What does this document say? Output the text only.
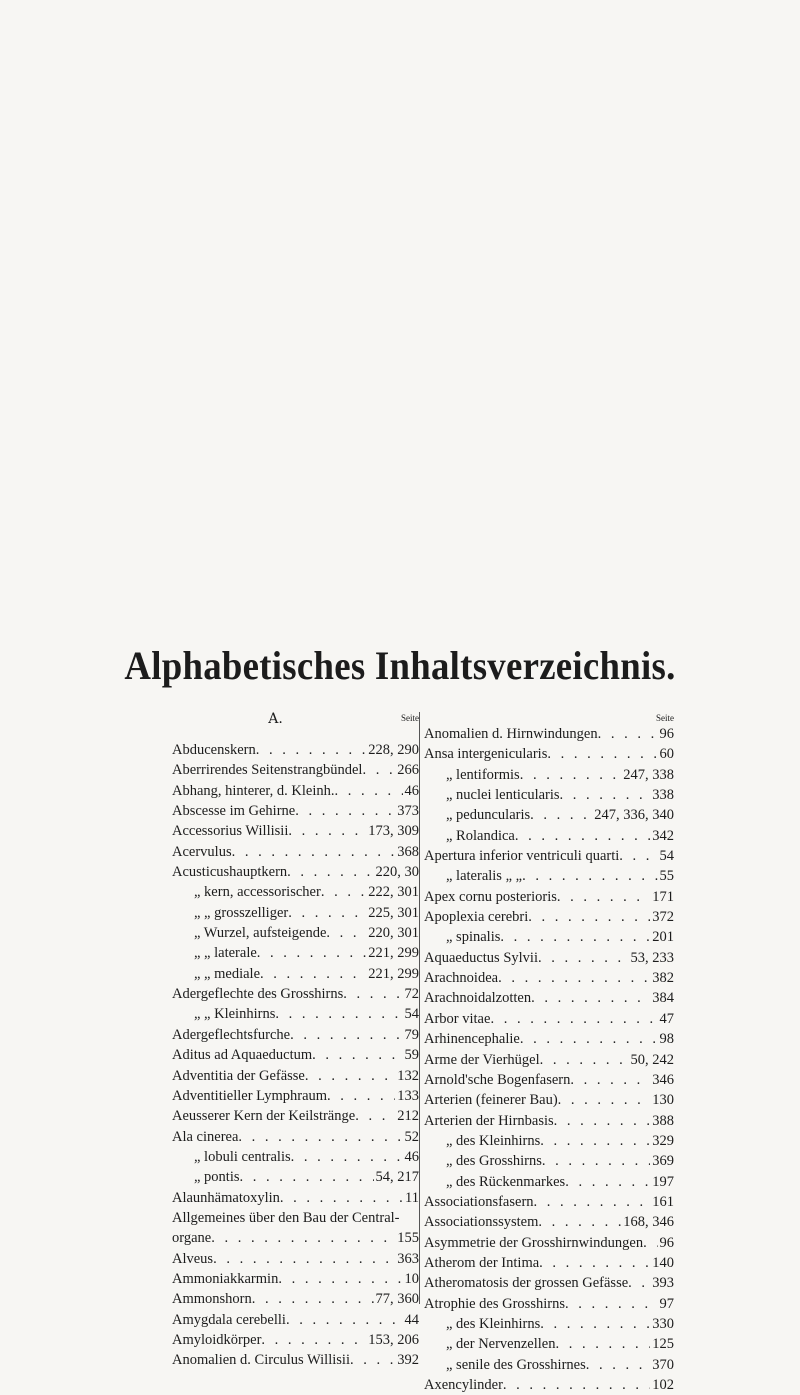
Alphabetisches Inhaltsverzeichnis.
Seite
A.
Abducenskern . . .	228, 290
Aberrirendes Seitenstrangbündel . . . 266
Abhang, hinterer, d. Kleinh. . . .	46
Abscesse im Gehirne . . .	373
Accessorius Willisii . . .	173, 309
Acervulus . . .	368
Acusticushauptkern . . .	220, 30
„ kern, accessorischer . . .	222, 301
„ „ grosszelliger . . .	225, 301
„ Wurzel, aufsteigende . . .	220, 301
„ „ laterale . . .	221, 299
„ „ mediale . . .	221, 299
Adergeflechte des Grosshirns . . .	72
„ „ Kleinhirns . . .	54
Adergeflechtsfurche . . .	79
Aditus ad Aquaeductum . . .	59
Adventitia der Gefässe . . .	132
Adventitieller Lymphraum . . .	133
Aeusserer Kern der Keilstränge . . .	212
Ala cinerea . . .	52
„ lobuli centralis . . .	46
„ pontis . . .	54, 217
Alaunhämatoxylin . . .	11
Allgemeines über den Bau der Central-
organe . . .	155
Alveus . . .	363
Ammoniakkarmin . . .	10
Ammonshorn . . .	77, 360
Amygdala cerebelli . . .	44
Amyloidkörper . . .	153, 206
Anomalien d. Circulus Willisii . . .	392
Seite
Anomalien d. Hirnwindungen . . .	96
Ansa intergenicularis . . .	60
„ lentiformis . . .	247, 338
„ nuclei lenticularis . . .	338
„ peduncularis . . .	247, 336, 340
„ Rolandica . . .	342
Apertura inferior ventriculi quarti . . .	54
„ lateralis „ „ . . .	55
Apex cornu posterioris . . .	171
Apoplexia cerebri . . .	372
„ spinalis . . .	201
Aquaeductus Sylvii . . .	53, 233
Arachnoidea . . .	382
Arachnoidalzotten . . .	384
Arbor vitae . . .	47
Arhinencephalie . . .	98
Arme der Vierhügel . . .	50, 242
Arnold'sche Bogenfasern . . .	346
Arterien (feinerer Bau) . . .	130
Arterien der Hirnbasis . . .	388
„ des Kleinhirns . . .	329
„ des Grosshirns . . .	369
„ des Rückenmarkes . . .	197
Associationsfasern . . .	161
Associationssystem . . .	168, 346
Asymmetrie der Grosshirnwindungen . . . 96
Atherom der Intima . . .	140
Atheromatosis der grossen Gefässe . . . 393
Atrophie des Grosshirns . . .	97
„ des Kleinhirns . . .	330
„ der Nervenzellen . . .	125
„ senile des Grosshirnes . . .	370
Axencylinder . . .	102
